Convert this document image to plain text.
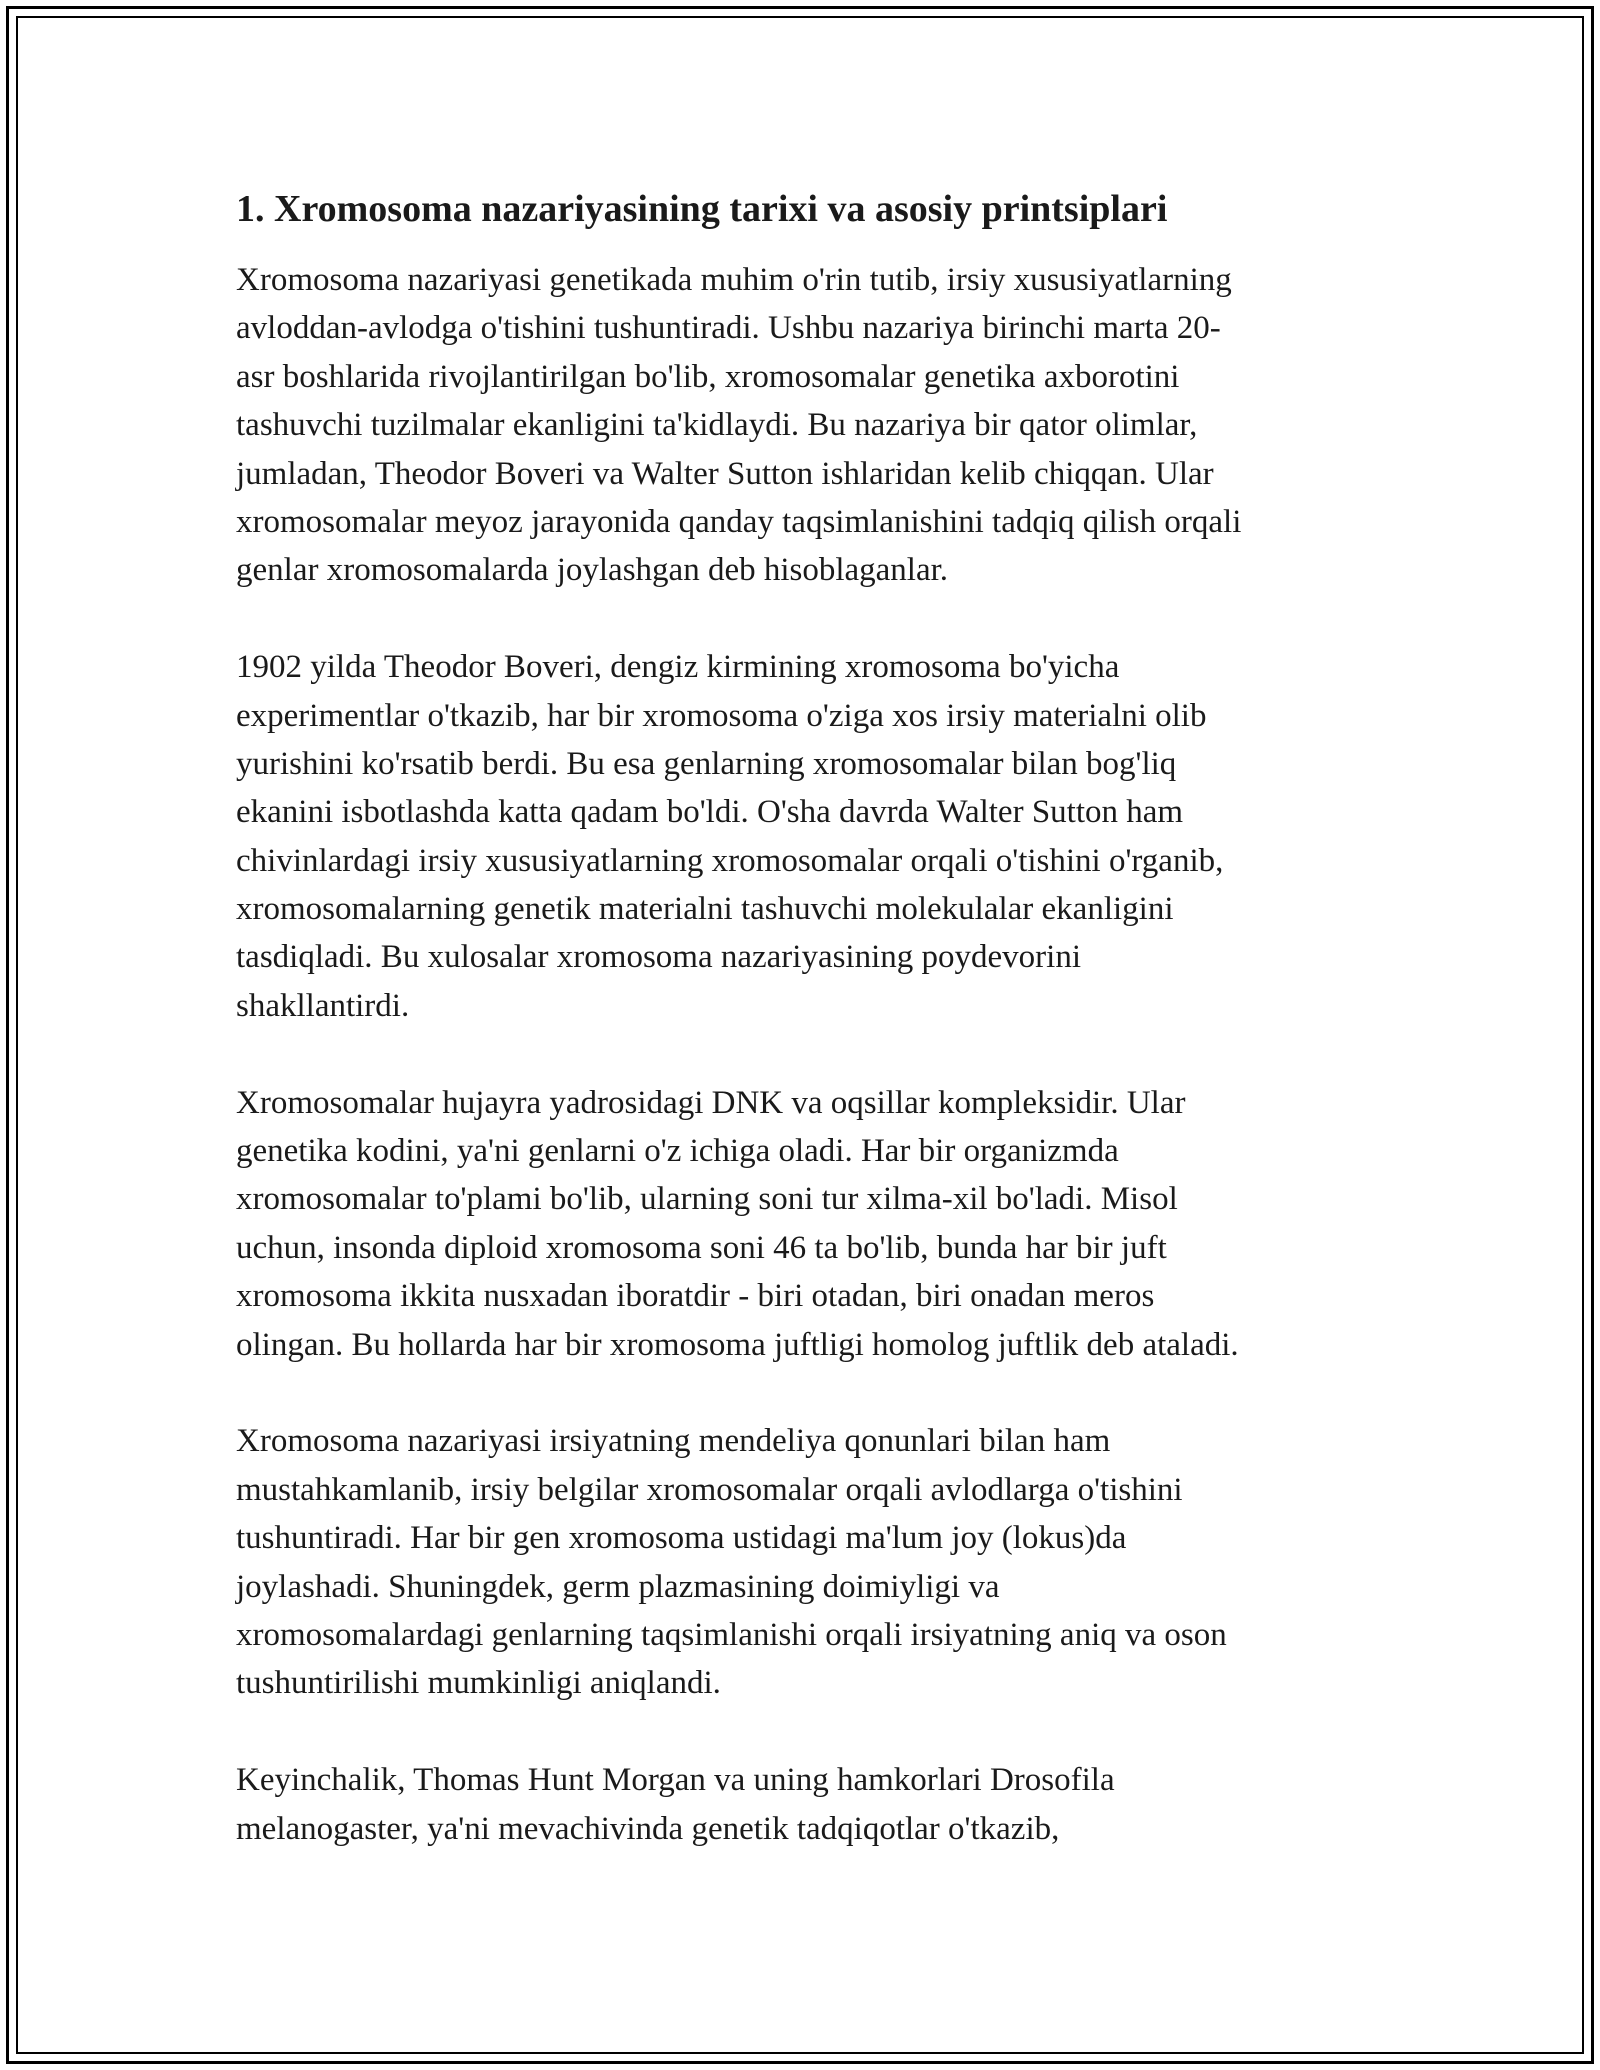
1. Xromosoma nazariyasining tarixi va asosiy printsiplari
Xromosoma nazariyasi genetikada muhim o'rin tutib, irsiy xususiyatlarning
avloddan-avlodga o'tishini tushuntiradi. Ushbu nazariya birinchi marta 20-
asr boshlarida rivojlantirilgan bo'lib, xromosomalar genetika axborotini
tashuvchi tuzilmalar ekanligini ta'kidlaydi. Bu nazariya bir qator olimlar,
jumladan, Theodor Boveri va Walter Sutton ishlaridan kelib chiqqan. Ular
xromosomalar meyoz jarayonida qanday taqsimlanishini tadqiq qilish orqali
genlar xromosomalarda joylashgan deb hisoblaganlar.
1902 yilda Theodor Boveri, dengiz kirmining xromosoma bo'yicha
experimentlar o'tkazib, har bir xromosoma o'ziga xos irsiy materialni olib
yurishini ko'rsatib berdi. Bu esa genlarning xromosomalar bilan bog'liq
ekanini isbotlashda katta qadam bo'ldi. O'sha davrda Walter Sutton ham
chivinlardagi irsiy xususiyatlarning xromosomalar orqali o'tishini o'rganib,
xromosomalarning genetik materialni tashuvchi molekulalar ekanligini
tasdiqladi. Bu xulosalar xromosoma nazariyasining poydevorini
shakllantirdi.
Xromosomalar hujayra yadrosidagi DNK va oqsillar kompleksidir. Ular
genetika kodini, ya'ni genlarni o'z ichiga oladi. Har bir organizmda
xromosomalar to'plami bo'lib, ularning soni tur xilma-xil bo'ladi. Misol
uchun, insonda diploid xromosoma soni 46 ta bo'lib, bunda har bir juft
xromosoma ikkita nusxadan iboratdir - biri otadan, biri onadan meros
olingan. Bu hollarda har bir xromosoma juftligi homolog juftlik deb ataladi.
Xromosoma nazariyasi irsiyatning mendeliya qonunlari bilan ham
mustahkamlanib, irsiy belgilar xromosomalar orqali avlodlarga o'tishini
tushuntiradi. Har bir gen xromosoma ustidagi ma'lum joy (lokus)da
joylashadi. Shuningdek, germ plazmasining doimiyligi va
xromosomalardagi genlarning taqsimlanishi orqali irsiyatning aniq va oson
tushuntirilishi mumkinligi aniqlandi.
Keyinchalik, Thomas Hunt Morgan va uning hamkorlari Drosofila
melanogaster, ya'ni mevachivinda genetik tadqiqotlar o'tkazib,
